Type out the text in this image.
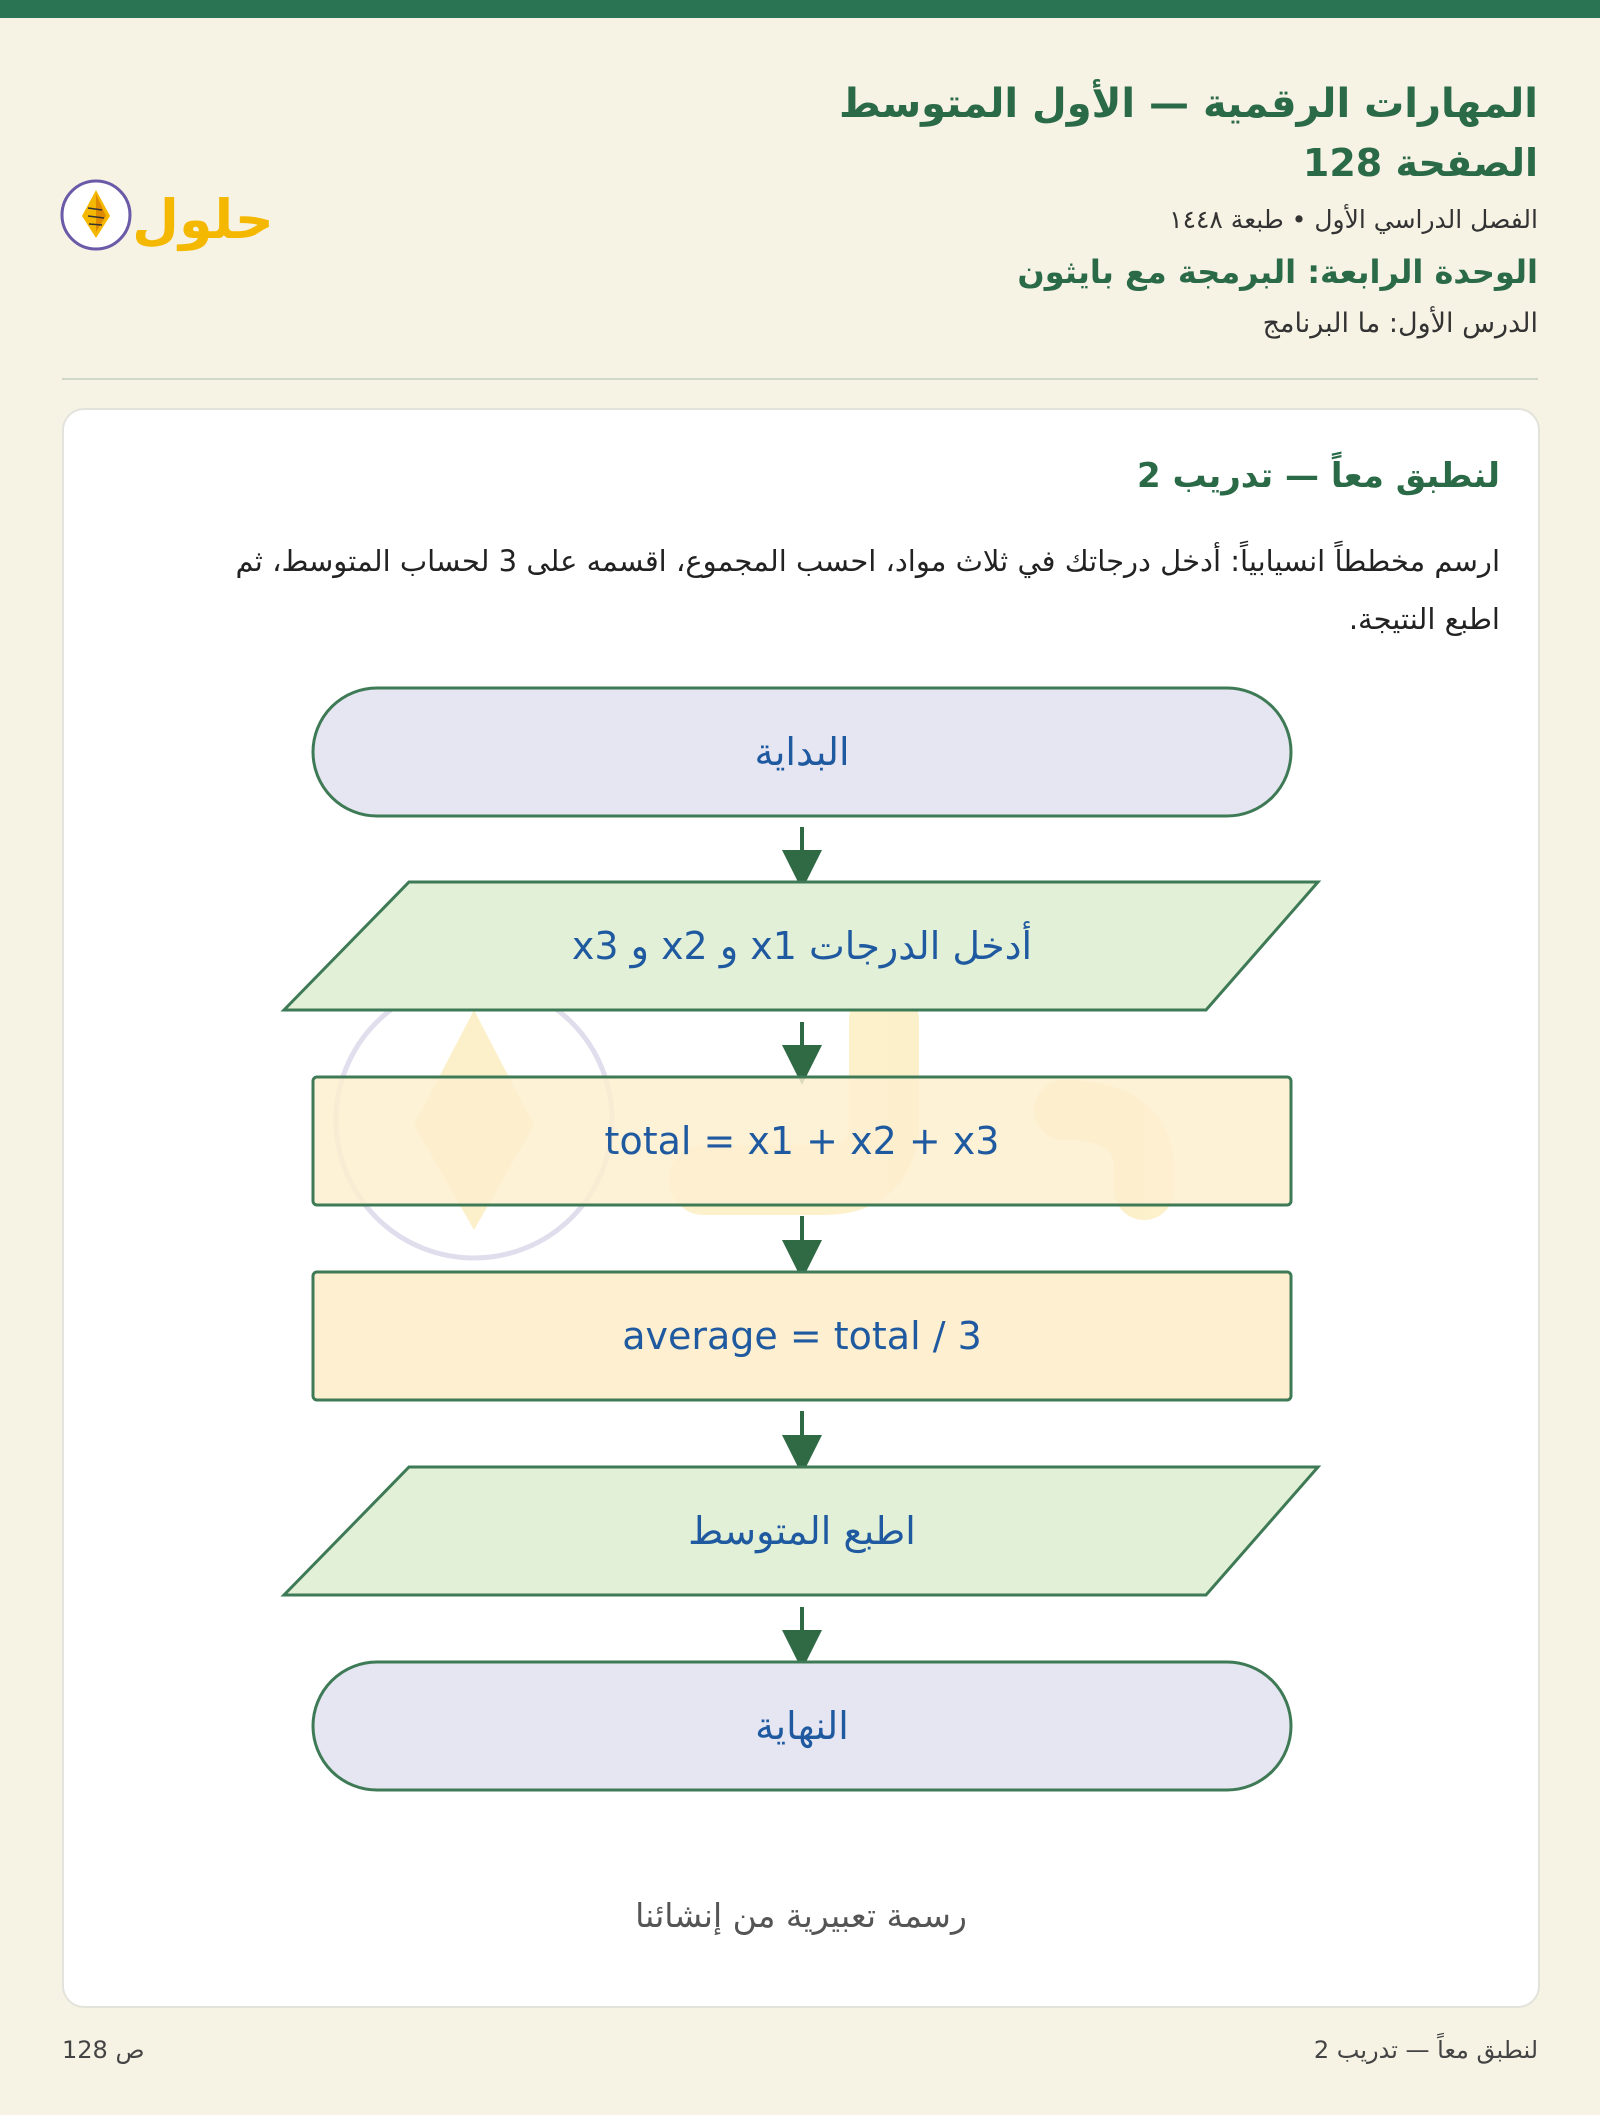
المهارات الرقمية — الأول المتوسط
الصفحة 128
الفصل الدراسي الأول • طبعة ١٤٤٨
الوحدة الرابعة: البرمجة مع بايثون
الدرس الأول: ما البرنامج
حلول
لنطبق معاً — تدريب 2

ارسم مخططاً انسيابياً: أدخل درجاتك في ثلاث مواد، احسب المجموع، اقسمه على 3 لحساب المتوسط، ثم اطبع النتيجة.

البداية
أدخل الدرجات x1 و x2 و x3
total = x1 + x2 + x3
average = total / 3
اطبع المتوسط
النهاية
رسمة تعبيرية من إنشائنا
لنطبق معاً — تدريب 2
ص 128
